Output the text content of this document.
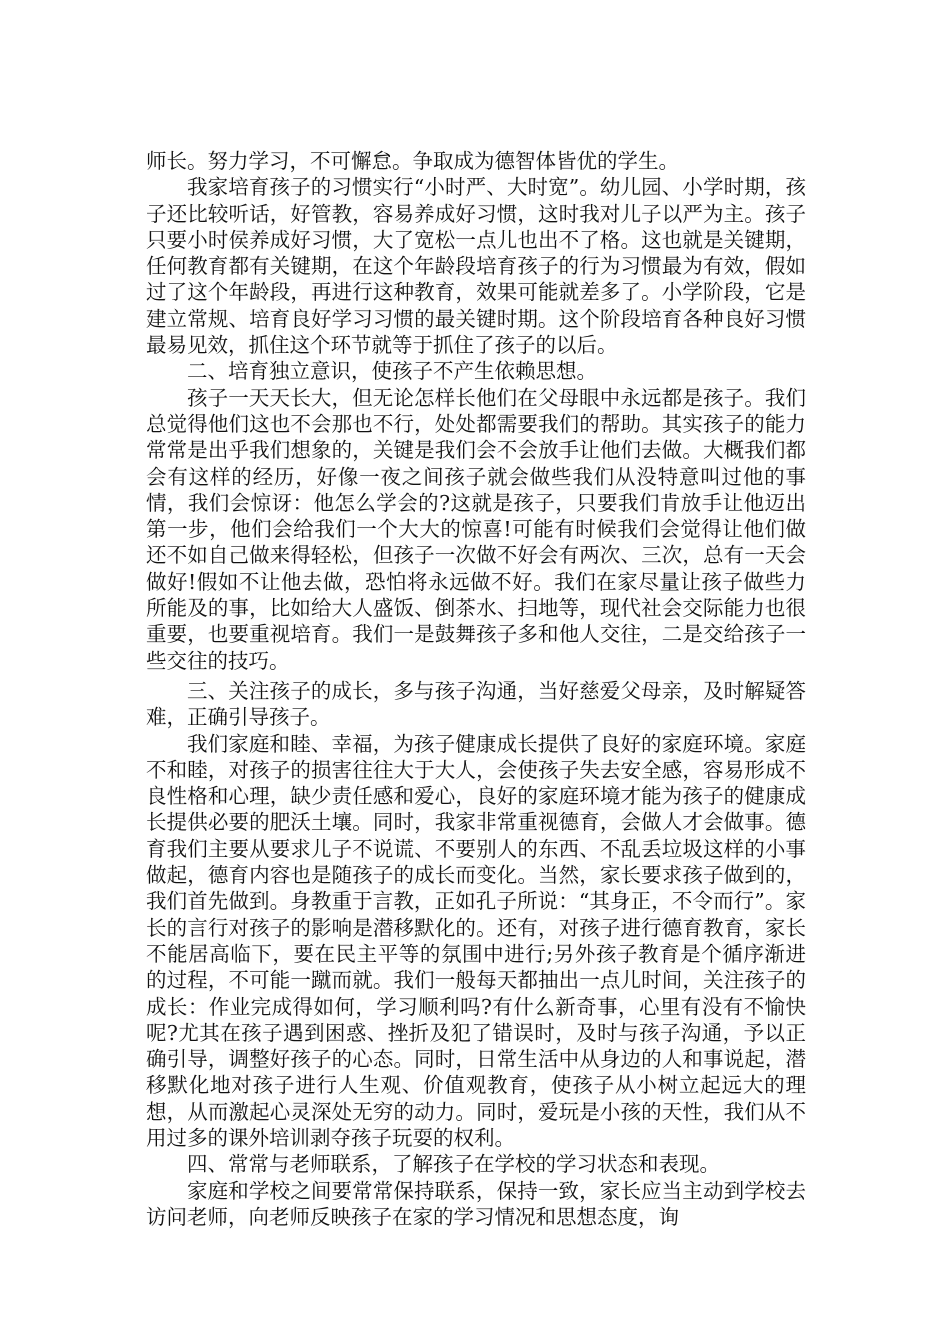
师长。努力学习，不可懈怠。争取成为德智体皆优的学生。

我家培育孩子的习惯实行“小时严、大时宽”。幼儿园、小学时期，孩子还比较听话，好管教，容易养成好习惯，这时我对儿子以严为主。孩子只要小时侯养成好习惯，大了宽松一点儿也出不了格。这也就是关键期，任何教育都有关键期，在这个年龄段培育孩子的行为习惯最为有效，假如过了这个年龄段，再进行这种教育，效果可能就差多了。小学阶段，它是建立常规、培育良好学习习惯的最关键时期。这个阶段培育各种良好习惯最易见效，抓住这个环节就等于抓住了孩子的以后。

二、培育独立意识，使孩子不产生依赖思想。

孩子一天天长大，但无论怎样长他们在父母眼中永远都是孩子。我们总觉得他们这也不会那也不行，处处都需要我们的帮助。其实孩子的能力常常是出乎我们想象的，关键是我们会不会放手让他们去做。大概我们都会有这样的经历，好像一夜之间孩子就会做些我们从没特意叫过他的事情，我们会惊讶：他怎么学会的?这就是孩子，只要我们肯放手让他迈出第一步，他们会给我们一个大大的惊喜!可能有时候我们会觉得让他们做还不如自己做来得轻松，但孩子一次做不好会有两次、三次，总有一天会做好!假如不让他去做，恐怕将永远做不好。我们在家尽量让孩子做些力所能及的事，比如给大人盛饭、倒茶水、扫地等，现代社会交际能力也很重要，也要重视培育。我们一是鼓舞孩子多和他人交往，二是交给孩子一些交往的技巧。

三、关注孩子的成长，多与孩子沟通，当好慈爱父母亲，及时解疑答难，正确引导孩子。

我们家庭和睦、幸福，为孩子健康成长提供了良好的家庭环境。家庭不和睦，对孩子的损害往往大于大人，会使孩子失去安全感，容易形成不良性格和心理，缺少责任感和爱心，良好的家庭环境才能为孩子的健康成长提供必要的肥沃土壤。同时，我家非常重视德育，会做人才会做事。德育我们主要从要求儿子不说谎、不要别人的东西、不乱丢垃圾这样的小事做起，德育内容也是随孩子的成长而变化。当然，家长要求孩子做到的，我们首先做到。身教重于言教，正如孔子所说：“其身正，不令而行”。家长的言行对孩子的影响是潜移默化的。还有，对孩子进行德育教育，家长不能居高临下，要在民主平等的氛围中进行;另外孩子教育是个循序渐进的过程，不可能一蹴而就。我们一般每天都抽出一点儿时间，关注孩子的成长：作业完成得如何，学习顺利吗?有什么新奇事，心里有没有不愉快呢?尤其在孩子遇到困惑、挫折及犯了错误时，及时与孩子沟通，予以正确引导，调整好孩子的心态。同时，日常生活中从身边的人和事说起，潜移默化地对孩子进行人生观、价值观教育，使孩子从小树立起远大的理想，从而激起心灵深处无穷的动力。同时，爱玩是小孩的天性，我们从不用过多的课外培训剥夺孩子玩耍的权利。

四、常常与老师联系，了解孩子在学校的学习状态和表现。

家庭和学校之间要常常保持联系，保持一致，家长应当主动到学校去访问老师，向老师反映孩子在家的学习情况和思想态度，询
